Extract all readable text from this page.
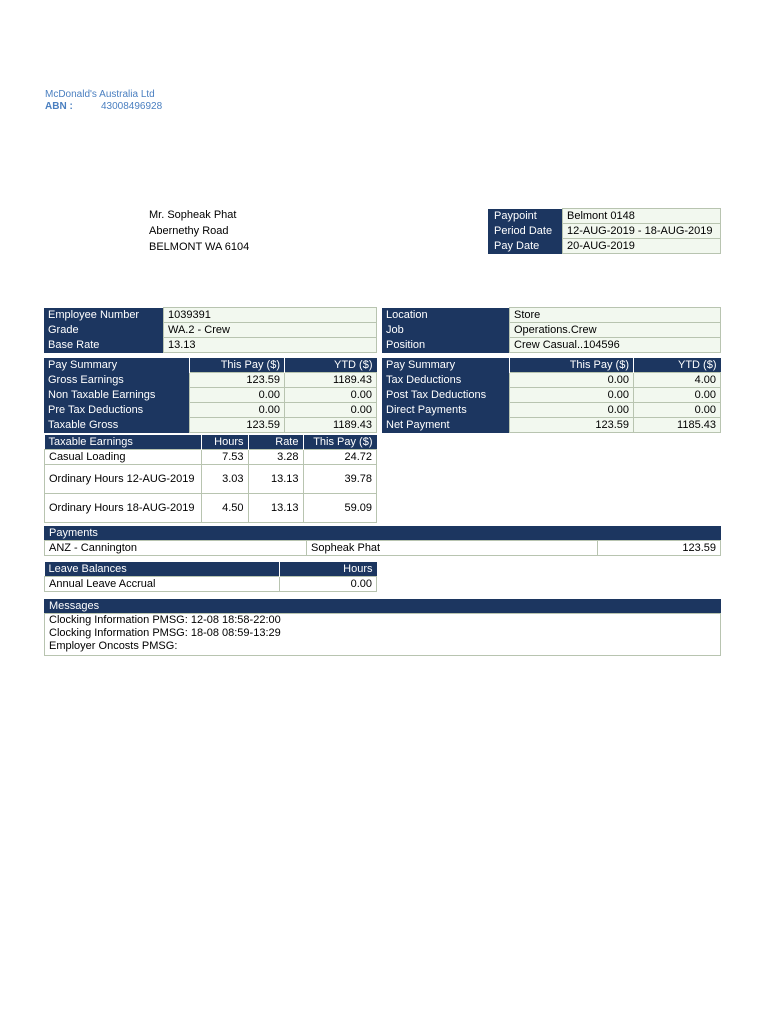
McDonald's Australia Ltd
ABN :	43008496928
Mr. Sopheak Phat
Abernethy Road
BELMONT WA 6104
Paypoint	Belmont 0148
Period Date	12-AUG-2019 - 18-AUG-2019
Pay Date	20-AUG-2019
Employee Number	1039391
Grade	WA.2 - Crew
Base Rate	13.13
Location	Store
Job	Operations.Crew
Position	Crew Casual..104596
Pay Summary	This Pay ($)	YTD ($)
Gross Earnings	123.59	1189.43
Non Taxable Earnings	0.00	0.00
Pre Tax Deductions	0.00	0.00
Taxable Gross	123.59	1189.43
Pay Summary	This Pay ($)	YTD ($)
Tax Deductions	0.00	4.00
Post Tax Deductions	0.00	0.00
Direct Payments	0.00	0.00
Net Payment	123.59	1185.43
Taxable Earnings	Hours	Rate	This Pay ($)
Casual Loading	7.53	3.28	24.72
Ordinary Hours 12-AUG-2019	3.03	13.13	39.78
Ordinary Hours 18-AUG-2019	4.50	13.13	59.09
Payments
ANZ - Cannington	Sopheak Phat	123.59
Leave Balances	Hours
Annual Leave Accrual	0.00
Messages
Clocking Information PMSG: 12-08 18:58-22:00
Clocking Information PMSG: 18-08 08:59-13:29
Employer Oncosts PMSG:
